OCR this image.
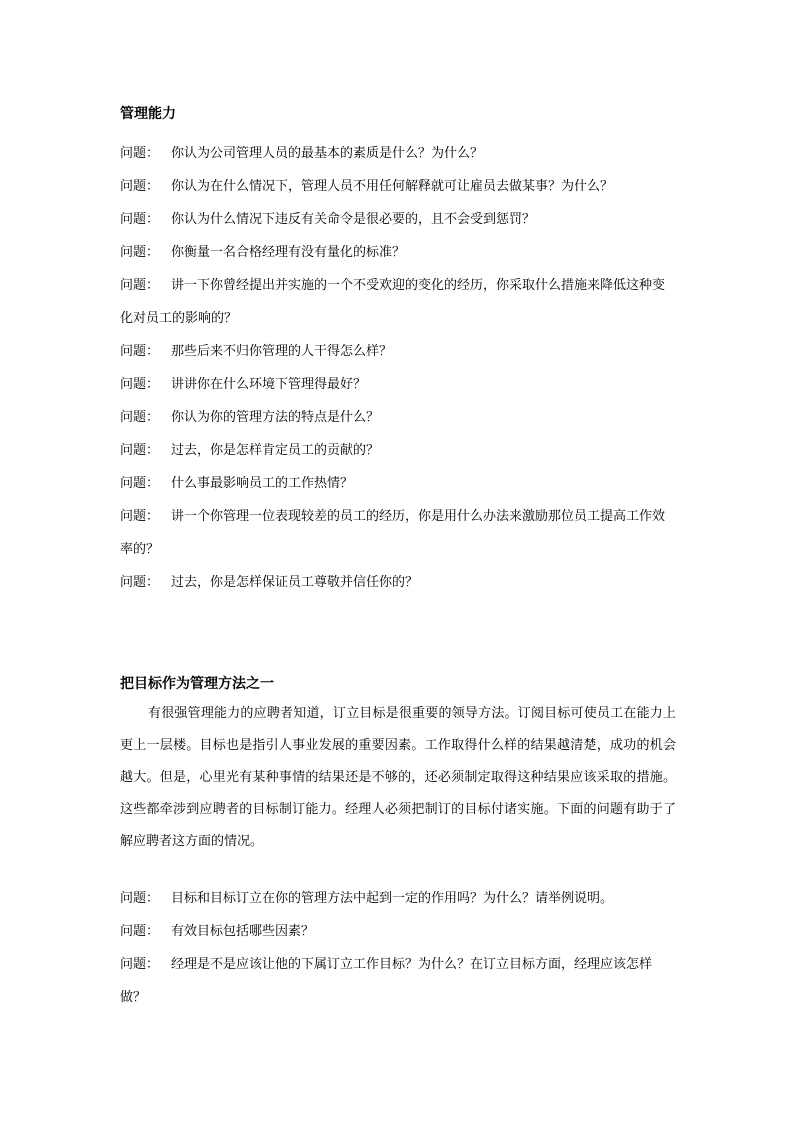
管理能力
问题： 你认为公司管理人员的最基本的素质是什么？为什么？
问题： 你认为在什么情况下，管理人员不用任何解释就可让雇员去做某事？为什么？
问题： 你认为什么情况下违反有关命令是很必要的，且不会受到惩罚？
问题： 你衡量一名合格经理有没有量化的标准？
问题： 讲一下你曾经提出并实施的一个不受欢迎的变化的经历，你采取什么措施来降低这种变化对员工的影响的？
问题： 那些后来不归你管理的人干得怎么样？
问题： 讲讲你在什么环境下管理得最好？
问题： 你认为你的管理方法的特点是什么？
问题： 过去，你是怎样肯定员工的贡献的？
问题： 什么事最影响员工的工作热情？
问题： 讲一个你管理一位表现较差的员工的经历，你是用什么办法来激励那位员工提高工作效率的？
问题： 过去，你是怎样保证员工尊敬并信任你的？
把目标作为管理方法之一

有很强管理能力的应聘者知道，订立目标是很重要的领导方法。订阅目标可使员工在能力上更上一层楼。目标也是指引人事业发展的重要因素。工作取得什么样的结果越清楚，成功的机会越大。但是，心里光有某种事情的结果还是不够的，还必须制定取得这种结果应该采取的措施。这些都牵涉到应聘者的目标制订能力。经理人必须把制订的目标付诸实施。下面的问题有助于了解应聘者这方面的情况。

问题： 目标和目标订立在你的管理方法中起到一定的作用吗？为什么？请举例说明。
问题： 有效目标包括哪些因素？
问题： 经理是不是应该让他的下属订立工作目标？为什么？在订立目标方面，经理应该怎样做？
